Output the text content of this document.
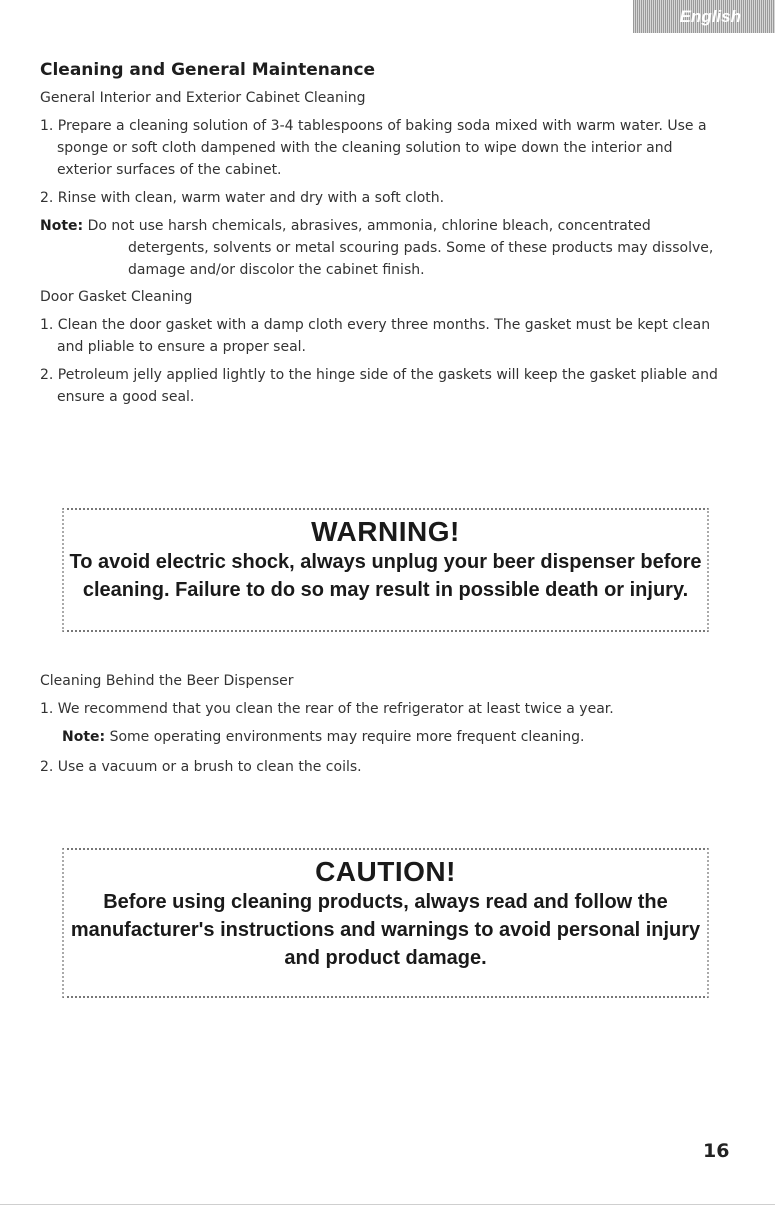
English
Cleaning and General Maintenance

General Interior and Exterior Cabinet Cleaning

1. Prepare a cleaning solution of 3-4 tablespoons of baking soda mixed with warm water. Use a sponge or soft cloth dampened with the cleaning solution to wipe down the interior and exterior surfaces of the cabinet.

2. Rinse with clean, warm water and dry with a soft cloth.

Note: Do not use harsh chemicals, abrasives, ammonia, chlorine bleach, concentrated detergents, solvents or metal scouring pads. Some of these products may dissolve, damage and/or discolor the cabinet finish.

Door Gasket Cleaning

1. Clean the door gasket with a damp cloth every three months. The gasket must be kept clean and pliable to ensure a proper seal.

2. Petroleum jelly applied lightly to the hinge side of the gaskets will keep the gasket pliable and ensure a good seal.

WARNING!
To avoid electric shock, always unplug your beer dispenser before cleaning. Failure to do so may result in possible death or injury.

Cleaning Behind the Beer Dispenser

1. We recommend that you clean the rear of the refrigerator at least twice a year.

Note: Some operating environments may require more frequent cleaning.

2. Use a vacuum or a brush to clean the coils.

CAUTION!
Before using cleaning products, always read and follow the manufacturer's instructions and warnings to avoid personal injury and product damage.
16
